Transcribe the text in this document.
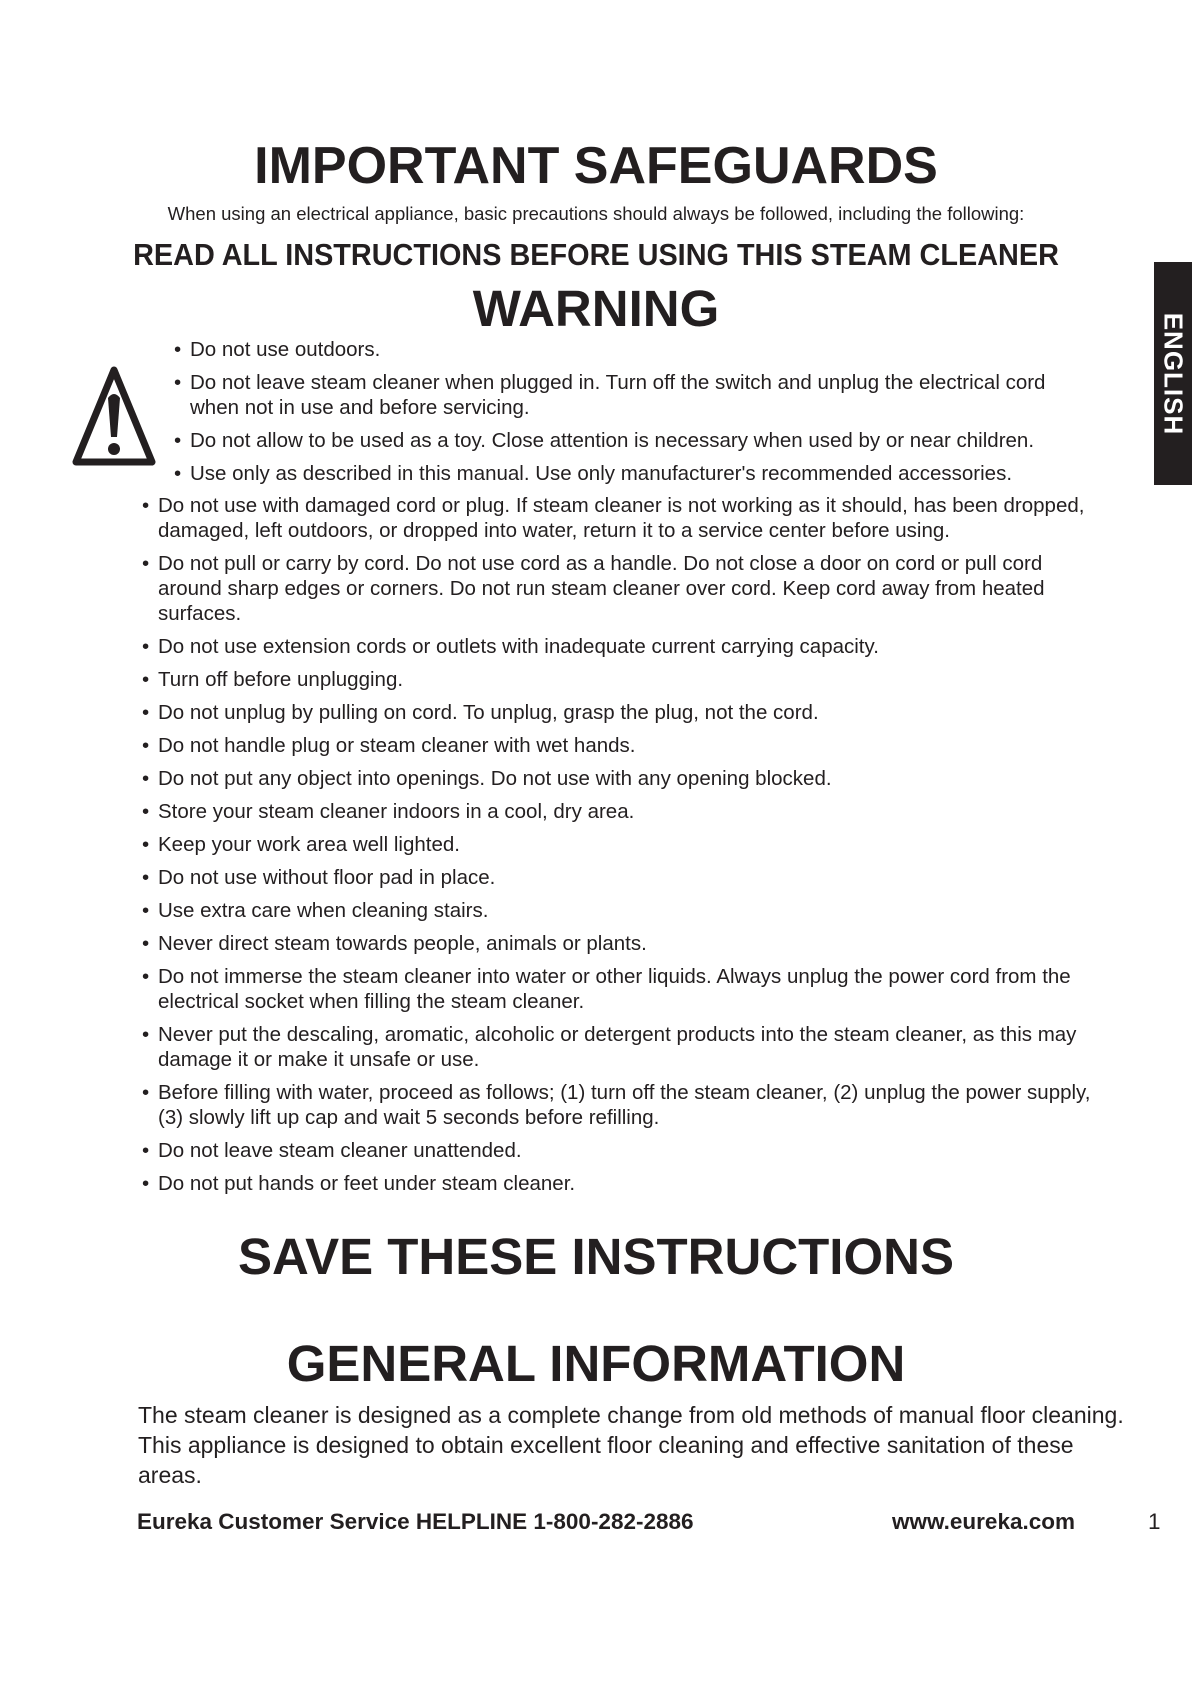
IMPORTANT SAFEGUARDS
When using an electrical appliance, basic precautions should always be followed, including the following:
READ ALL INSTRUCTIONS BEFORE USING THIS STEAM CLEANER
WARNING
ENGLISH
• Do not use outdoors.
• Do not leave steam cleaner when plugged in. Turn off the switch and unplug the electrical cord when not in use and before servicing.
• Do not allow to be used as a toy. Close attention is necessary when used by or near children.
• Use only as described in this manual. Use only manufacturer's recommended accessories.
• Do not use with damaged cord or plug. If steam cleaner is not working as it should, has been dropped, damaged, left outdoors, or dropped into water, return it to a service center before using.
• Do not pull or carry by cord. Do not use cord as a handle. Do not close a door on cord or pull cord around sharp edges or corners. Do not run steam cleaner over cord. Keep cord away from heated surfaces.
• Do not use extension cords or outlets with inadequate current carrying capacity.
• Turn off before unplugging.
• Do not unplug by pulling on cord. To unplug, grasp the plug, not the cord.
• Do not handle plug or steam cleaner with wet hands.
• Do not put any object into openings. Do not use with any opening blocked.
• Store your steam cleaner indoors in a cool, dry area.
• Keep your work area well lighted.
• Do not use without floor pad in place.
• Use extra care when cleaning stairs.
• Never direct steam towards people, animals or plants.
• Do not immerse the steam cleaner into water or other liquids. Always unplug the power cord from the electrical socket when filling the steam cleaner.
• Never put the descaling, aromatic, alcoholic or detergent products into the steam cleaner, as this may damage it or make it unsafe or use.
• Before filling with water, proceed as follows; (1) turn off the steam cleaner, (2) unplug the power supply, (3) slowly lift up cap and wait 5 seconds before refilling.
• Do not leave steam cleaner unattended.
• Do not put hands or feet under steam cleaner.
SAVE THESE INSTRUCTIONS
GENERAL INFORMATION
The steam cleaner is designed as a complete change from old methods of manual floor cleaning.
This appliance is designed to obtain excellent floor cleaning and effective sanitation of these areas.
Eureka Customer Service HELPLINE 1-800-282-2886	www.eureka.com	1
